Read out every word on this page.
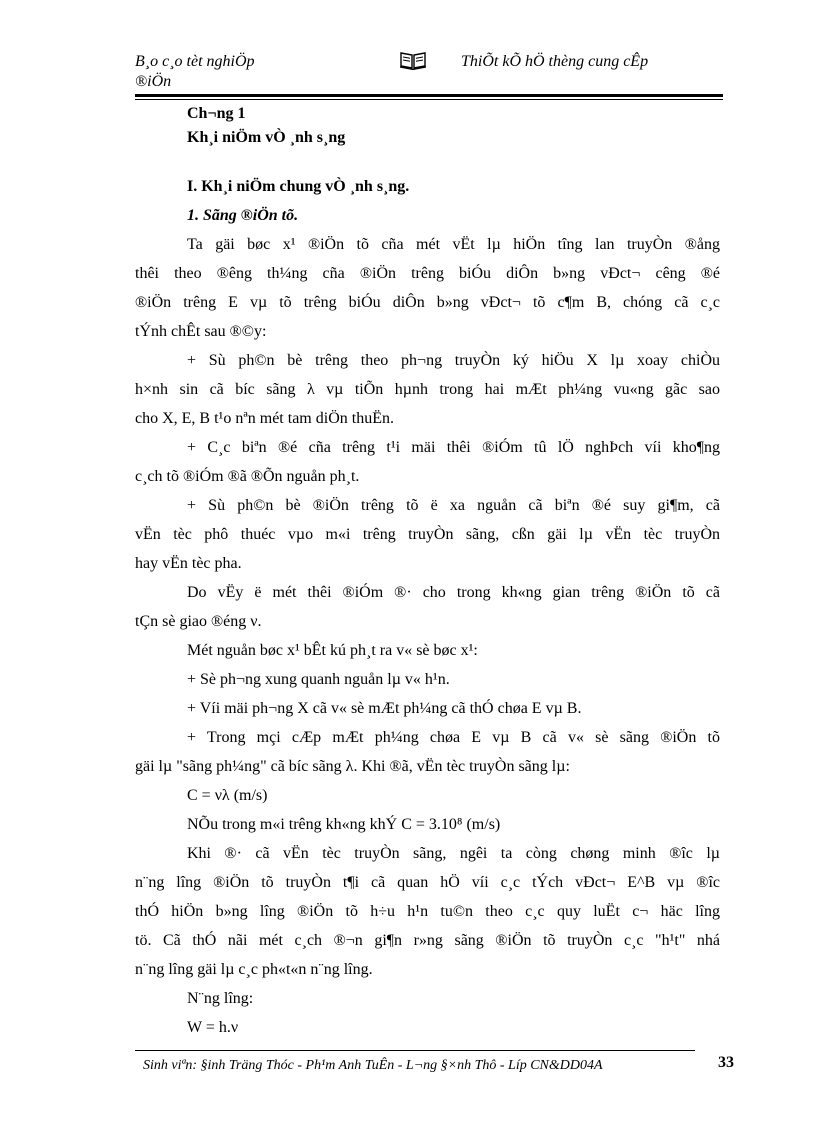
B¸o c¸o tèt nghiÖp
®iÖn
ThiÕt kÕ hÖ thèng cung cÊp
Ch¬ng 1
Kh¸i niÖm vÒ ¸nh s¸ng
I. Kh¸i niÖm chung vÒ ¸nh s¸ng.
1. Sãng ®iÖn tõ.
Ta gäi bøc x¹ ®iÖn tõ cña mét vËt lµ hiÖn tîng lan truyÒn ®ång
thêi theo ®êng th¼ng cña ®iÖn trêng biÓu diÔn b»ng vÐct¬ cêng ®é
®iÖn trêng E vµ tõ trêng biÓu diÔn b»ng vÐct¬ tõ c¶m B, chóng cã c¸c
tÝnh chÊt sau ®©y:
+ Sù ph©n bè trêng theo ph¬ng truyÒn ký hiÖu X lµ xoay chiÒu
h×nh sin cã bíc sãng λ vµ tiÕn hµnh trong hai mÆt ph¼ng vu«ng gãc sao
cho X, E, B t¹o nªn mét tam diÖn thuËn.
+ C¸c biªn ®é cña trêng t¹i mäi thêi ®iÓm tû lÖ nghÞch víi kho¶ng
c¸ch tõ ®iÓm ®ã ®Õn nguån ph¸t.
+ Sù ph©n bè ®iÖn trêng tõ ë xa nguån cã biªn ®é suy gi¶m, cã
vËn tèc phô thuéc vµo m«i trêng truyÒn sãng, cßn gäi lµ vËn tèc truyÒn
hay vËn tèc pha.
Do vËy ë mét thêi ®iÓm ®· cho trong kh«ng gian trêng ®iÖn tõ cã
tÇn sè giao ®éng ν.
Mét nguån bøc x¹ bÊt kú ph¸t ra v« sè bøc x¹:
+ Sè ph¬ng xung quanh nguån lµ v« h¹n.
+ Víi mäi ph¬ng X cã v« sè mÆt ph¼ng cã thÓ chøa E vµ B.
+ Trong mçi cÆp mÆt ph¼ng chøa E vµ B cã v« sè sãng ®iÖn tõ
gäi lµ "sãng ph¼ng" cã bíc sãng λ. Khi ®ã, vËn tèc truyÒn sãng lµ:
C = νλ (m/s)
NÕu trong m«i trêng kh«ng khÝ C = 3.10⁸ (m/s)
Khi ®· cã vËn tèc truyÒn sãng, ngêi ta còng chøng minh ®îc lµ
n¨ng lîng ®iÖn tõ truyÒn t¶i cã quan hÖ víi c¸c tÝch vÐct¬ E^B vµ ®îc
thÓ hiÖn b»ng lîng ®iÖn tõ h÷u h¹n tu©n theo c¸c quy luËt c¬ häc lîng
tö. Cã thÓ nãi mét c¸ch ®¬n gi¶n r»ng sãng ®iÖn tõ truyÒn c¸c "h¹t" nhá
n¨ng lîng gäi lµ c¸c ph«t«n n¨ng lîng.
N¨ng lîng:
W = h.ν
Sinh viªn: §inh Träng Thóc - Ph¹m Anh TuÊn - L¬ng §×nh Thô - Líp CN&DD04A	33
